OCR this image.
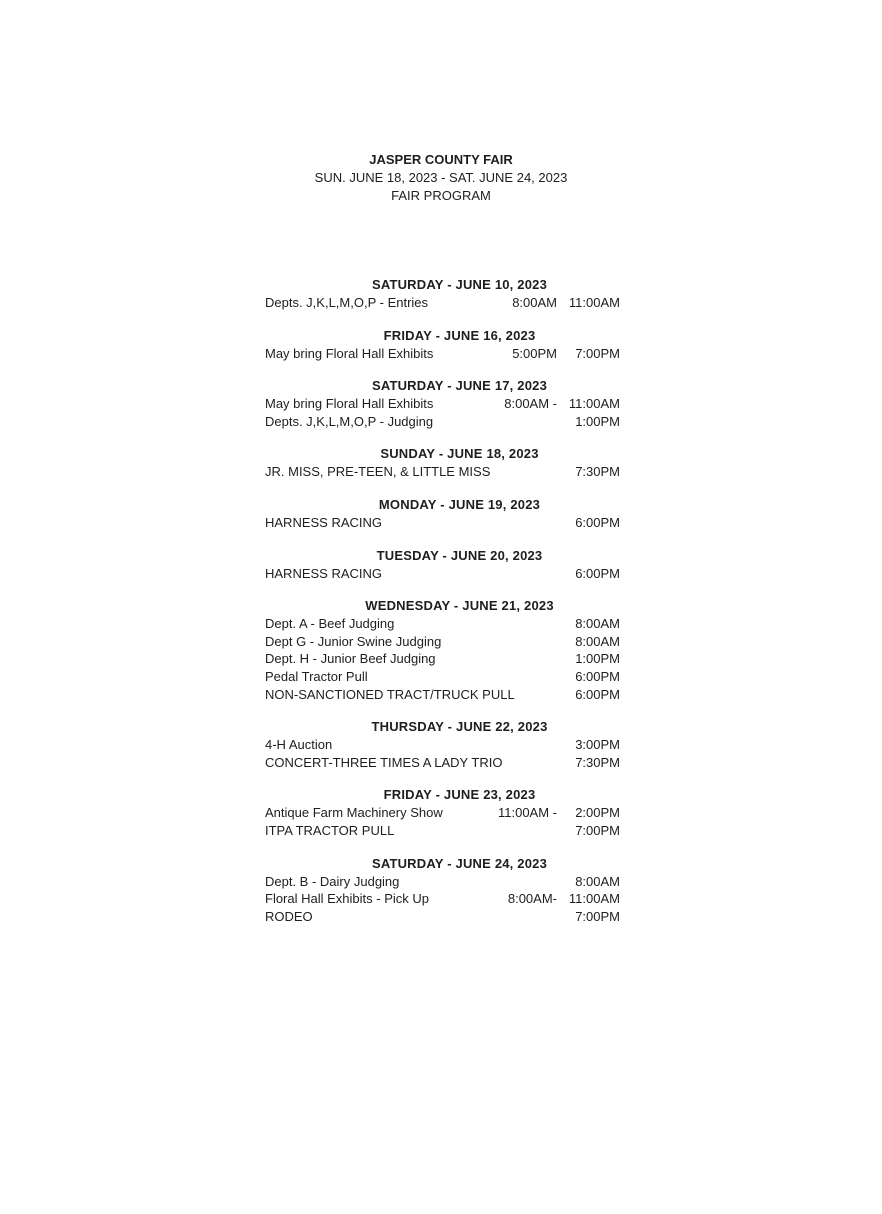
JASPER COUNTY FAIR
SUN. JUNE 18, 2023 - SAT. JUNE 24, 2023
FAIR PROGRAM
SATURDAY - JUNE 10, 2023
Depts. J,K,L,M,O,P - Entries	8:00AM 11:00AM
FRIDAY - JUNE 16, 2023
May bring Floral Hall Exhibits	5:00PM 7:00PM
SATURDAY - JUNE 17, 2023
May bring Floral Hall Exhibits	8:00AM - 11:00AM
Depts. J,K,L,M,O,P - Judging	1:00PM
SUNDAY - JUNE 18, 2023
JR. MISS, PRE-TEEN, & LITTLE MISS	7:30PM
MONDAY - JUNE 19, 2023
HARNESS RACING	6:00PM
TUESDAY - JUNE 20, 2023
HARNESS RACING	6:00PM
WEDNESDAY - JUNE 21, 2023
Dept. A - Beef Judging	8:00AM
Dept G - Junior Swine Judging	8:00AM
Dept. H - Junior Beef Judging	1:00PM
Pedal Tractor Pull	6:00PM
NON-SANCTIONED TRACT/TRUCK PULL	6:00PM
THURSDAY - JUNE 22, 2023
4-H Auction	3:00PM
CONCERT-THREE TIMES A LADY TRIO	7:30PM
FRIDAY - JUNE 23, 2023
Antique Farm Machinery Show	11:00AM - 2:00PM
ITPA TRACTOR PULL	7:00PM
SATURDAY - JUNE 24, 2023
Dept. B - Dairy Judging	8:00AM
Floral Hall Exhibits - Pick Up	8:00AM- 11:00AM
RODEO	7:00PM
